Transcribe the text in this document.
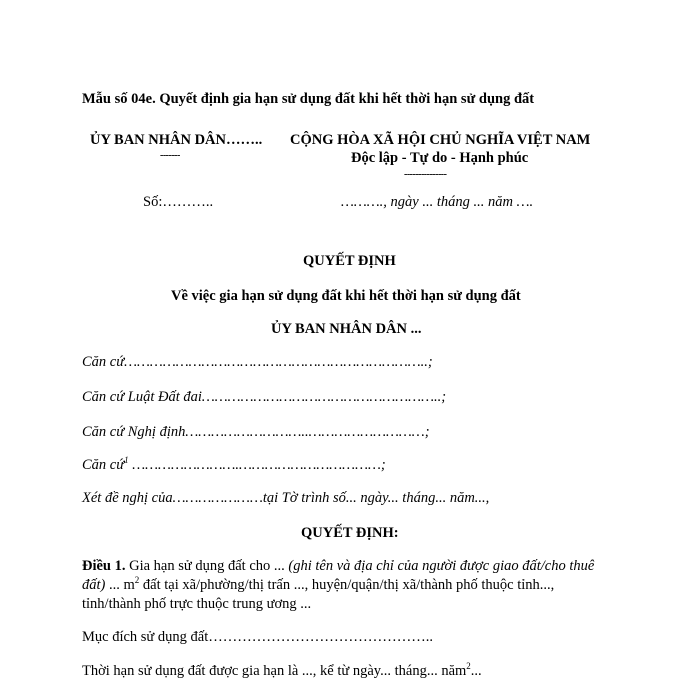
Mẫu số 04e. Quyết định gia hạn sử dụng đất khi hết thời hạn sử dụng đất
ỦY BAN NHÂN DÂN……..
-------
CỘNG HÒA XÃ HỘI CHỦ NGHĨA VIỆT NAM
Độc lập - Tự do - Hạnh phúc
---------------
Số:………..	………., ngày ... tháng ... năm ….
QUYẾT ĐỊNH
Về việc gia hạn sử dụng đất khi hết thời hạn sử dụng đất
ỦY BAN NHÂN DÂN ...
Căn cứ……………………………………………………………..;
Căn cứ Luật Đất đai………………………………………………..;
Căn cứ Nghị định………………………..………………………;
Căn cứ$^1$ …………………….……………………………;
Xét đề nghị của…………………tại Tờ trình số... ngày... tháng... năm...,
QUYẾT ĐỊNH:
Điều 1. Gia hạn sử dụng đất cho ... (ghi tên và địa chỉ của người được giao đất/cho thuê
đất) ... $m^2$ đất tại xã/phường/thị trấn ..., huyện/quận/thị xã/thành phố thuộc tỉnh...,
tỉnh/thành phố trực thuộc trung ương ...
Mục đích sử dụng đất………………………………………..
Thời hạn sử dụng đất được gia hạn là ..., kể từ ngày... tháng... năm$^2$...
